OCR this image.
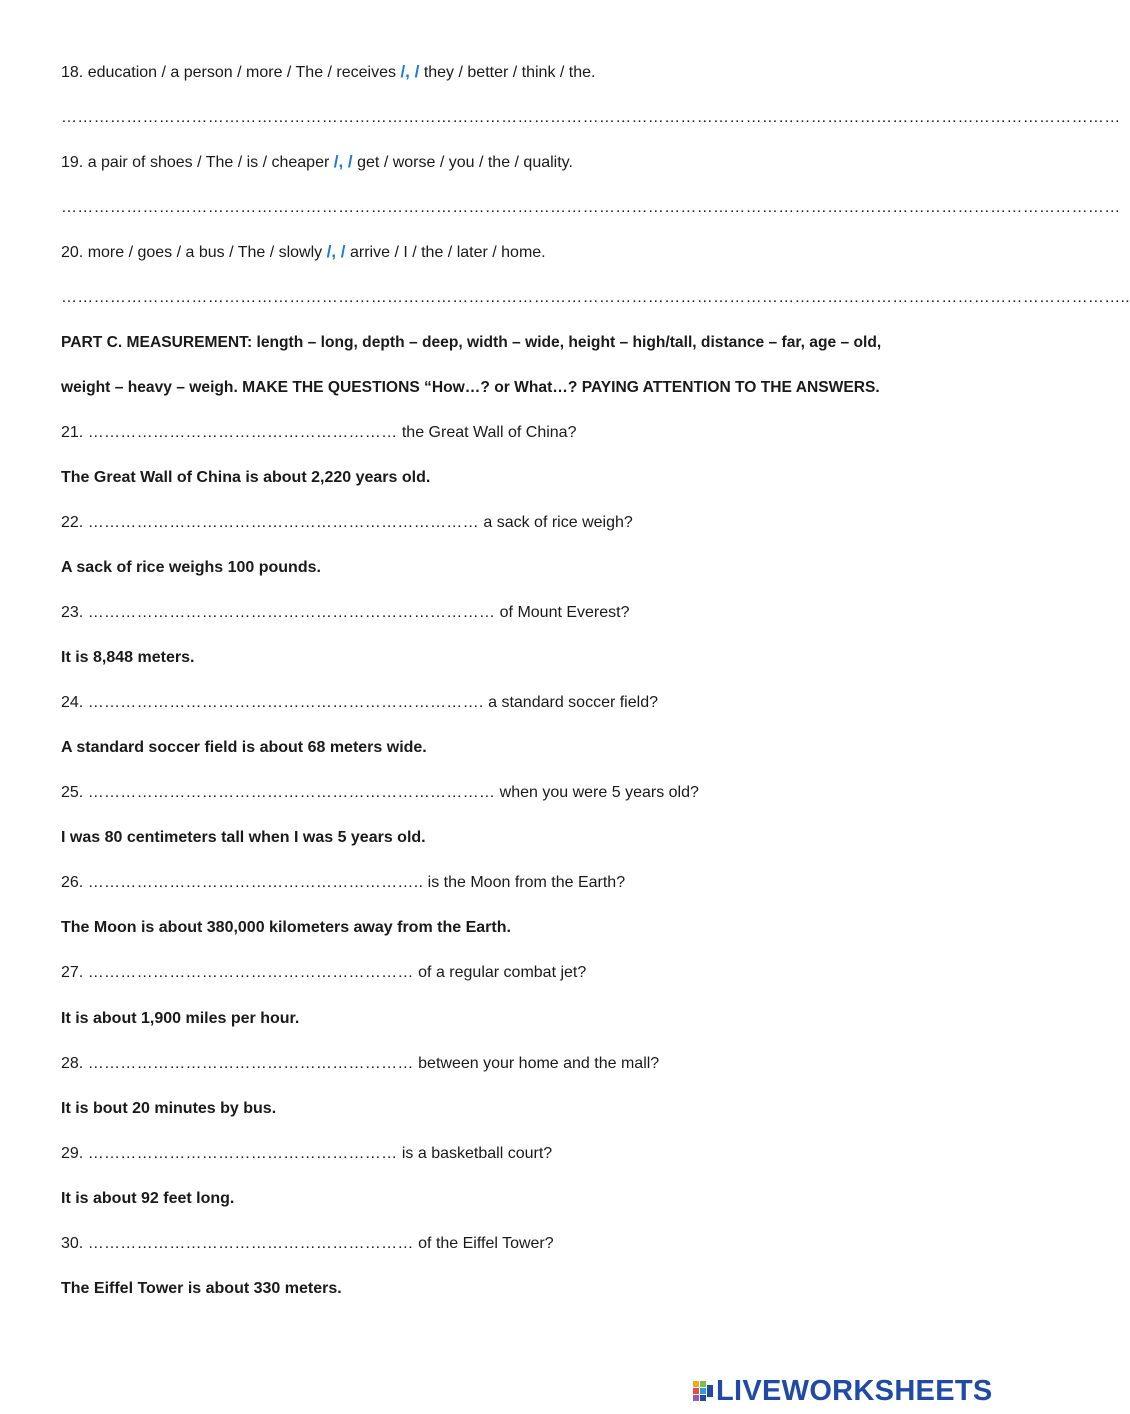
18. education / a person / more / The / receives /, / they / better / think / the.
……………………………………………………………………………………………………………………………………………………………………………
19. a pair of shoes / The / is / cheaper /, / get / worse / you / the / quality.
……………………………………………………………………………………………………………………………………………………………………………
20. more / goes / a bus / The / slowly /, / arrive / I / the / later / home.
……………………………………………………………………………………………………………………………………………………………………………..
PART C. MEASUREMENT: length – long, depth – deep, width – wide, height – high/tall, distance – far, age – old,
weight – heavy – weigh. MAKE THE QUESTIONS “How…? or What…? PAYING ATTENTION TO THE ANSWERS.
21. ………………………………………………… the Great Wall of China?
The Great Wall of China is about 2,220 years old.
22. ……………………………………………………………… a sack of rice weigh?
A sack of rice weighs 100 pounds.
23. ………………………………………………………………… of Mount Everest?
It is 8,848 meters.
24. ………………………………………………………………. a standard soccer field?
A standard soccer field is about 68 meters wide.
25. ………………………………………………………………… when you were 5 years old?
I was 80 centimeters tall when I was 5 years old.
26. …………………………………………………….. is the Moon from the Earth?
The Moon is about 380,000 kilometers away from the Earth.
27. …………………………………………………… of a regular combat jet?
It is about 1,900 miles per hour.
28. …………………………………………………… between your home and the mall?
It is bout 20 minutes by bus.
29. ………………………………………………… is a basketball court?
It is about 92 feet long.
30. …………………………………………………… of the Eiffel Tower?
The Eiffel Tower is about 330 meters.
LIVEWORKSHEETS
